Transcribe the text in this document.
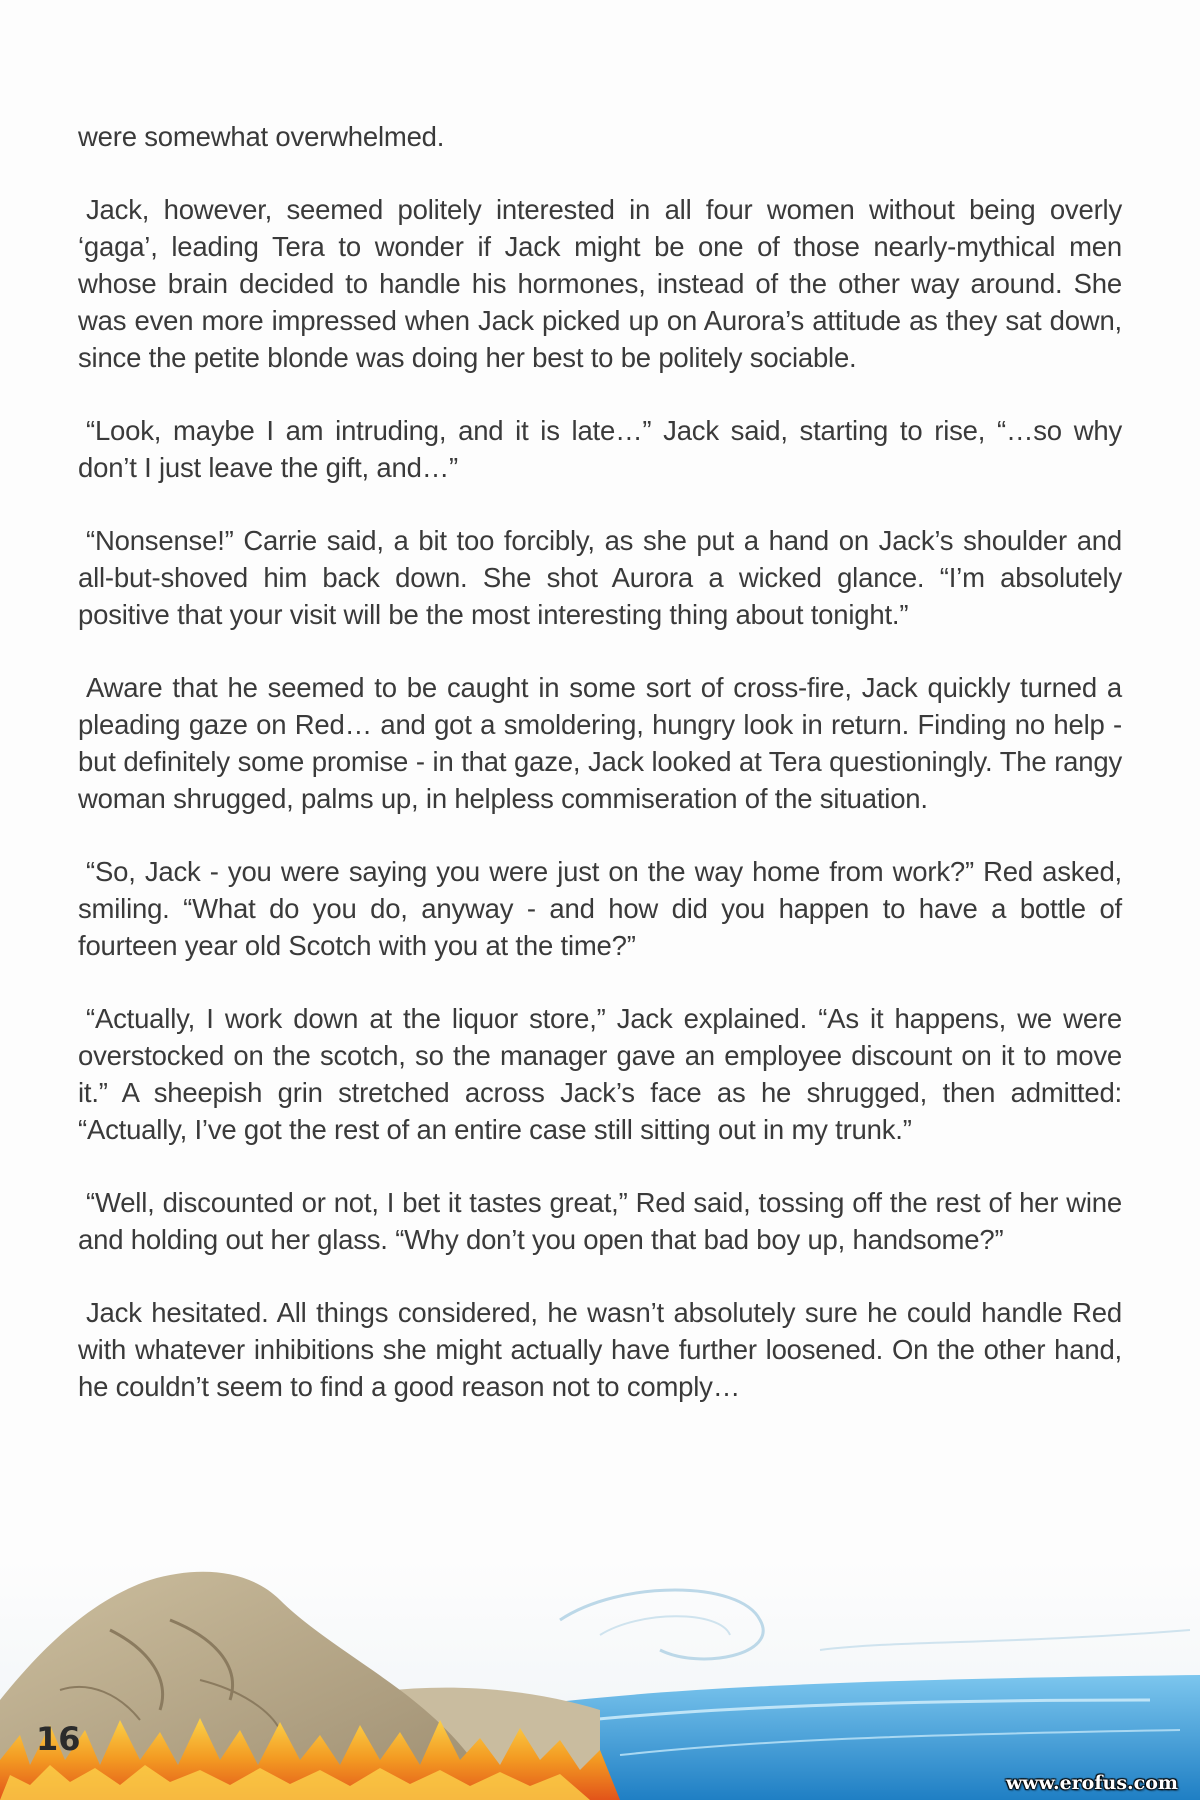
were somewhat overwhelmed.

Jack, however, seemed politely interested in all four women without being overly ‘gaga’, leading Tera to wonder if Jack might be one of those nearly-mythical men whose brain decided to handle his hormones, instead of the other way around. She was even more impressed when Jack picked up on Aurora’s attitude as they sat down, since the petite blonde was doing her best to be politely sociable.

“Look, maybe I am intruding, and it is late…” Jack said, starting to rise, “…so why don’t I just leave the gift, and…”

“Nonsense!” Carrie said, a bit too forcibly, as she put a hand on Jack’s shoulder and all-but-shoved him back down. She shot Aurora a wicked glance. “I’m absolutely positive that your visit will be the most interesting thing about tonight.”

Aware that he seemed to be caught in some sort of cross-fire, Jack quickly turned a pleading gaze on Red… and got a smoldering, hungry look in return. Finding no help - but definitely some promise - in that gaze, Jack looked at Tera questioningly. The rangy woman shrugged, palms up, in helpless commiseration of the situation.

“So, Jack - you were saying you were just on the way home from work?” Red asked, smiling. “What do you do, anyway - and how did you happen to have a bottle of fourteen year old Scotch with you at the time?”

“Actually, I work down at the liquor store,” Jack explained. “As it happens, we were overstocked on the scotch, so the manager gave an employee discount on it to move it.” A sheepish grin stretched across Jack’s face as he shrugged, then admitted: “Actually, I’ve got the rest of an entire case still sitting out in my trunk.”

“Well, discounted or not, I bet it tastes great,” Red said, tossing off the rest of her wine and holding out her glass. “Why don’t you open that bad boy up, handsome?”

Jack hesitated. All things considered, he wasn’t absolutely sure he could handle Red with whatever inhibitions she might actually have further loosened. On the other hand, he couldn’t seem to find a good reason not to comply…

16
www.erofus.com
